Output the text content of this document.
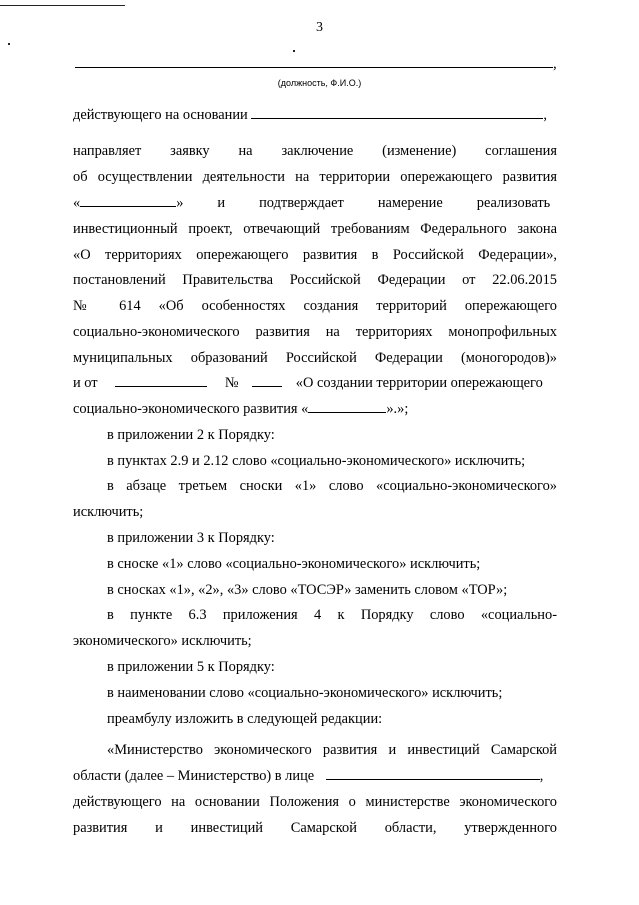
3
,
(должность, Ф.И.О.)
действующего на основании	,
направляет заявку на заключение (изменение) соглашения
об осуществлении деятельности на территории опережающего развития
«	» и подтверждает намерение реализовать
инвестиционный проект, отвечающий требованиям Федерального закона
«О территориях опережающего развития в Российской Федерации»,
постановлений Правительства Российской Федерации от 22.06.2015
№ 614 «Об особенностях создания территорий опережающего
социально-экономического развития на территориях монопрофильных
муниципальных образований Российской Федерации (моногородов)»
и от	№	«О создании территории опережающего
социально-экономического развития «	».»;
в приложении 2 к Порядку:
в пунктах 2.9 и 2.12 слово «социально-экономического» исключить;
в абзаце третьем сноски «1» слово «социально-экономического»
исключить;
в приложении 3 к Порядку:
в сноске «1» слово «социально-экономического» исключить;
в сносках «1», «2», «3» слово «ТОСЭР» заменить словом «ТОР»;
в пункте 6.3 приложения 4 к Порядку слово «социально-
экономического» исключить;
в приложении 5 к Порядку:
в наименовании слово «социально-экономического» исключить;
преамбулу изложить в следующей редакции:
«Министерство экономического развития и инвестиций Самарской
области (далее – Министерство) в лице	,
действующего на основании Положения о министерстве экономического
развития и инвестиций Самарской области, утвержденного
